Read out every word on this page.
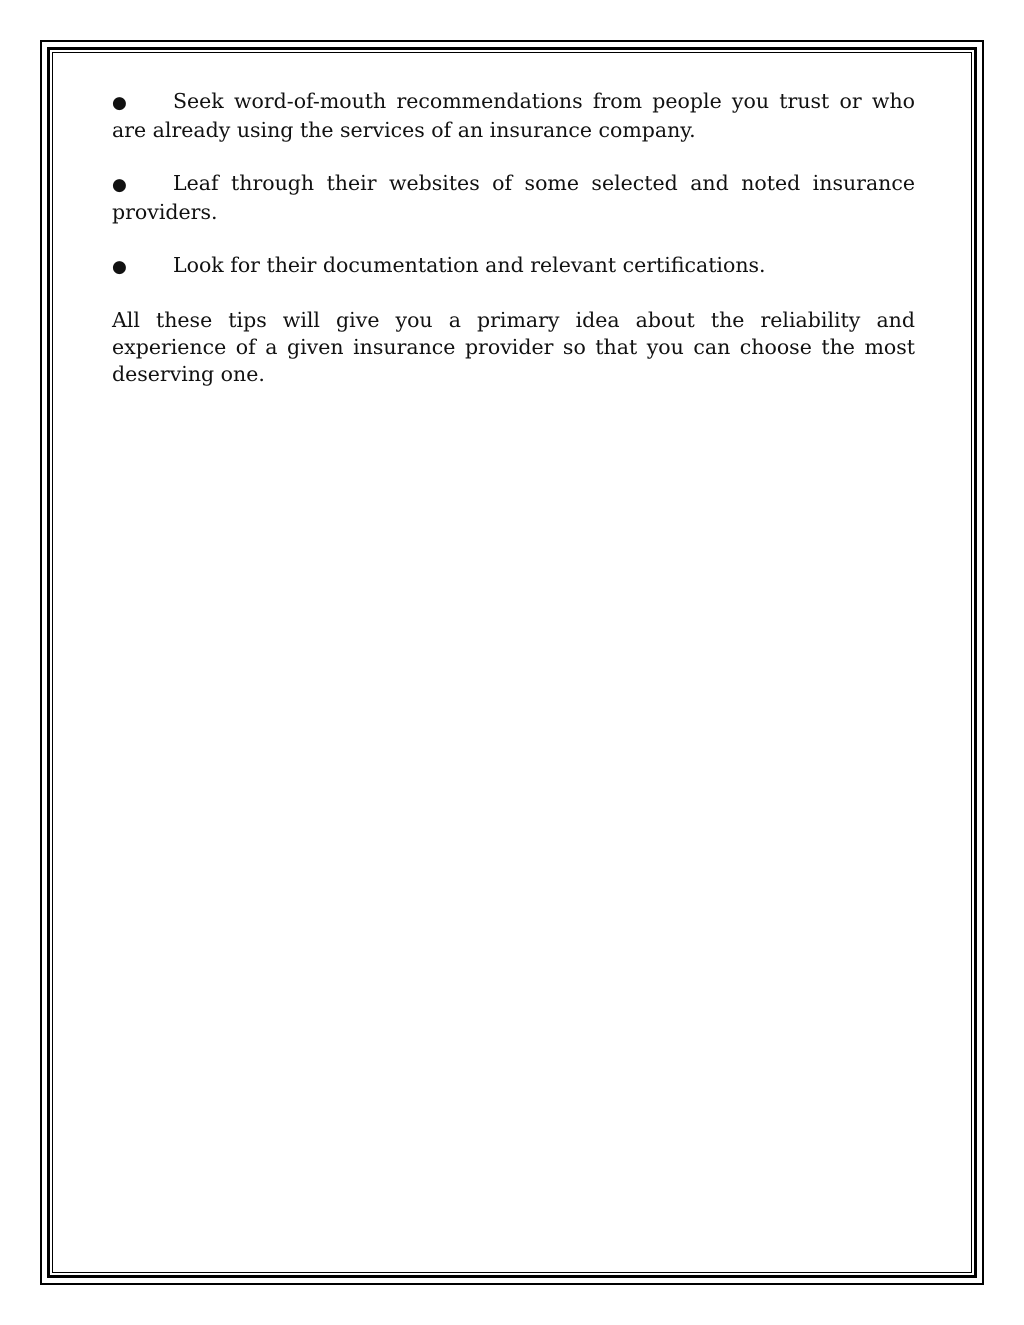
● Seek word-of-mouth recommendations from people you trust or who are already using the services of an insurance company.

● Leaf through their websites of some selected and noted insurance providers.

● Look for their documentation and relevant certifications.

All these tips will give you a primary idea about the reliability and experience of a given insurance provider so that you can choose the most deserving one.
